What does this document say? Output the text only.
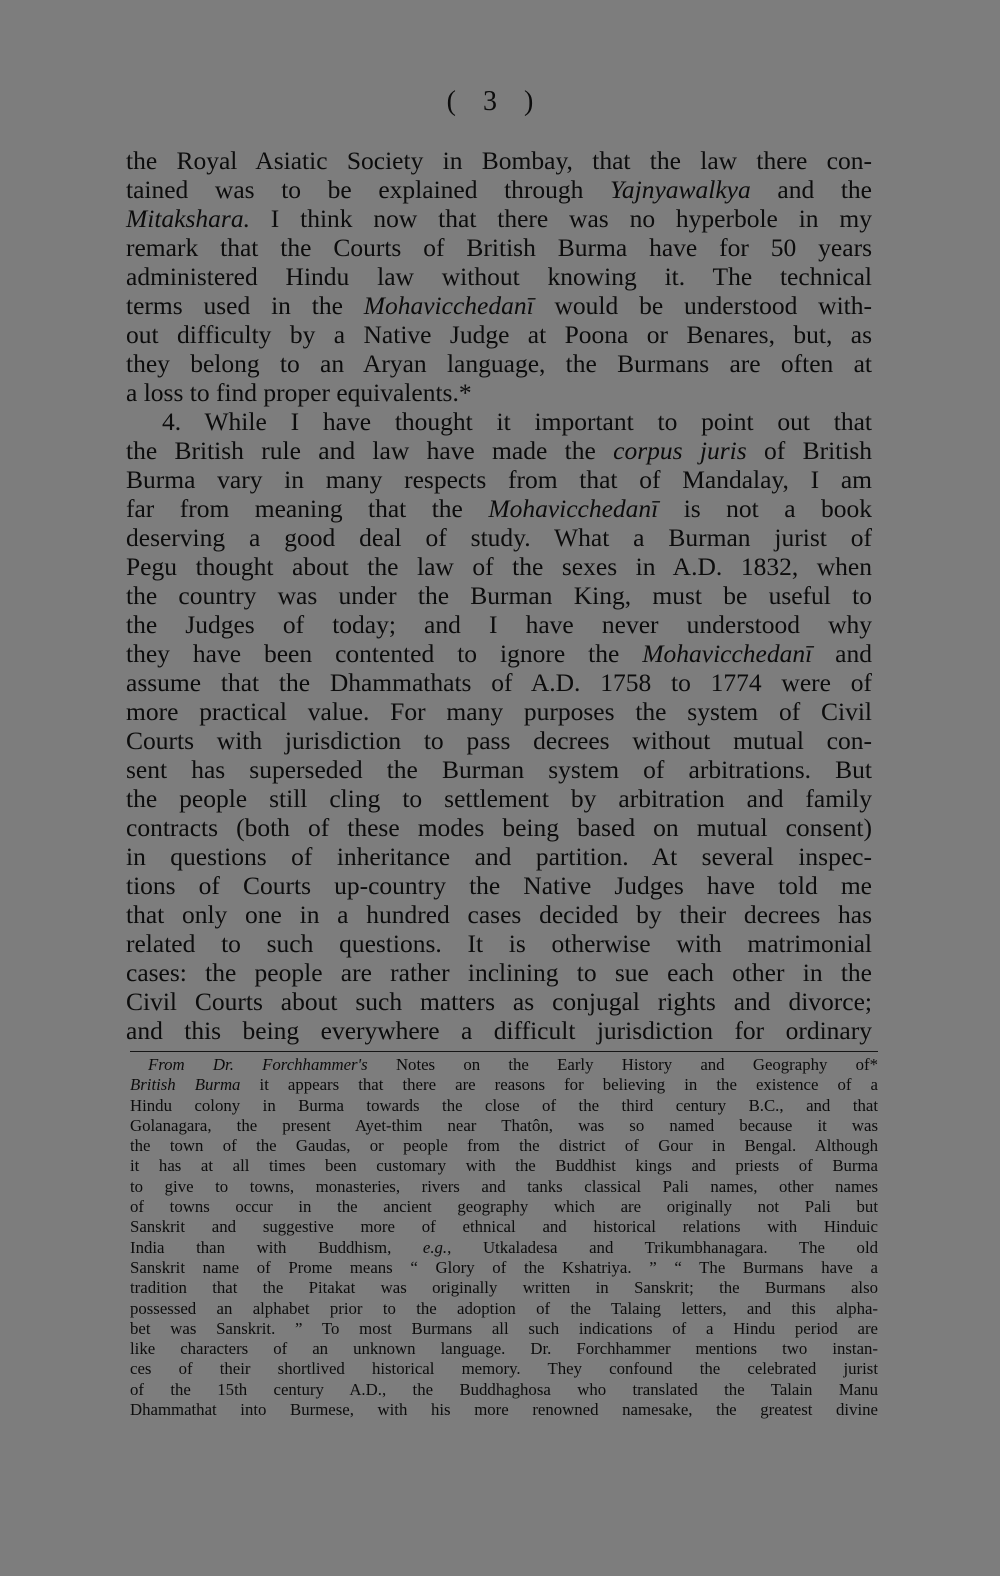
( 3 )
the Royal Asiatic Society in Bombay, that the law there con-
tained was to be explained through Yajnyawalkya and the
Mitakshara. I think now that there was no hyperbole in my
remark that the Courts of British Burma have for 50 years
administered Hindu law without knowing it. The technical
terms used in the Mohavicchedanī would be understood with-
out difficulty by a Native Judge at Poona or Benares, but, as
they belong to an Aryan language, the Burmans are often at
a loss to find proper equivalents.*
4. While I have thought it important to point out that
the British rule and law have made the corpus juris of British
Burma vary in many respects from that of Mandalay, I am
far from meaning that the Mohavicchedanī is not a book
deserving a good deal of study. What a Burman jurist of
Pegu thought about the law of the sexes in A.D. 1832, when
the country was under the Burman King, must be useful to
the Judges of today; and I have never understood why
they have been contented to ignore the Mohavicchedanī and
assume that the Dhammathats of A.D. 1758 to 1774 were of
more practical value. For many purposes the system of Civil
Courts with jurisdiction to pass decrees without mutual con-
sent has superseded the Burman system of arbitrations. But
the people still cling to settlement by arbitration and family
contracts (both of these modes being based on mutual consent)
in questions of inheritance and partition. At several inspec-
tions of Courts up-country the Native Judges have told me
that only one in a hundred cases decided by their decrees has
related to such questions. It is otherwise with matrimonial
cases: the people are rather inclining to sue each other in the
Civil Courts about such matters as conjugal rights and divorce;
and this being everywhere a difficult jurisdiction for ordinary
From Dr. Forchhammer's Notes on the Early History and Geography of*
British Burma it appears that there are reasons for believing in the existence of a
Hindu colony in Burma towards the close of the third century B.C., and that
Golanagara, the present Ayet-thim near Thatôn, was so named because it was
the town of the Gaudas, or people from the district of Gour in Bengal. Although
it has at all times been customary with the Buddhist kings and priests of Burma
to give to towns, monasteries, rivers and tanks classical Pali names, other names
of towns occur in the ancient geography which are originally not Pali but
Sanskrit and suggestive more of ethnical and historical relations with Hinduic
India than with Buddhism, e.g., Utkaladesa and Trikumbhanagara. The old
Sanskrit name of Prome means “ Glory of the Kshatriya. ” “ The Burmans have a
tradition that the Pitakat was originally written in Sanskrit; the Burmans also
possessed an alphabet prior to the adoption of the Talaing letters, and this alpha-
bet was Sanskrit. ” To most Burmans all such indications of a Hindu period are
like characters of an unknown language. Dr. Forchhammer mentions two instan-
ces of their shortlived historical memory. They confound the celebrated jurist
of the 15th century A.D., the Buddhaghosa who translated the Talain Manu
Dhammathat into Burmese, with his more renowned namesake, the greatest divine
